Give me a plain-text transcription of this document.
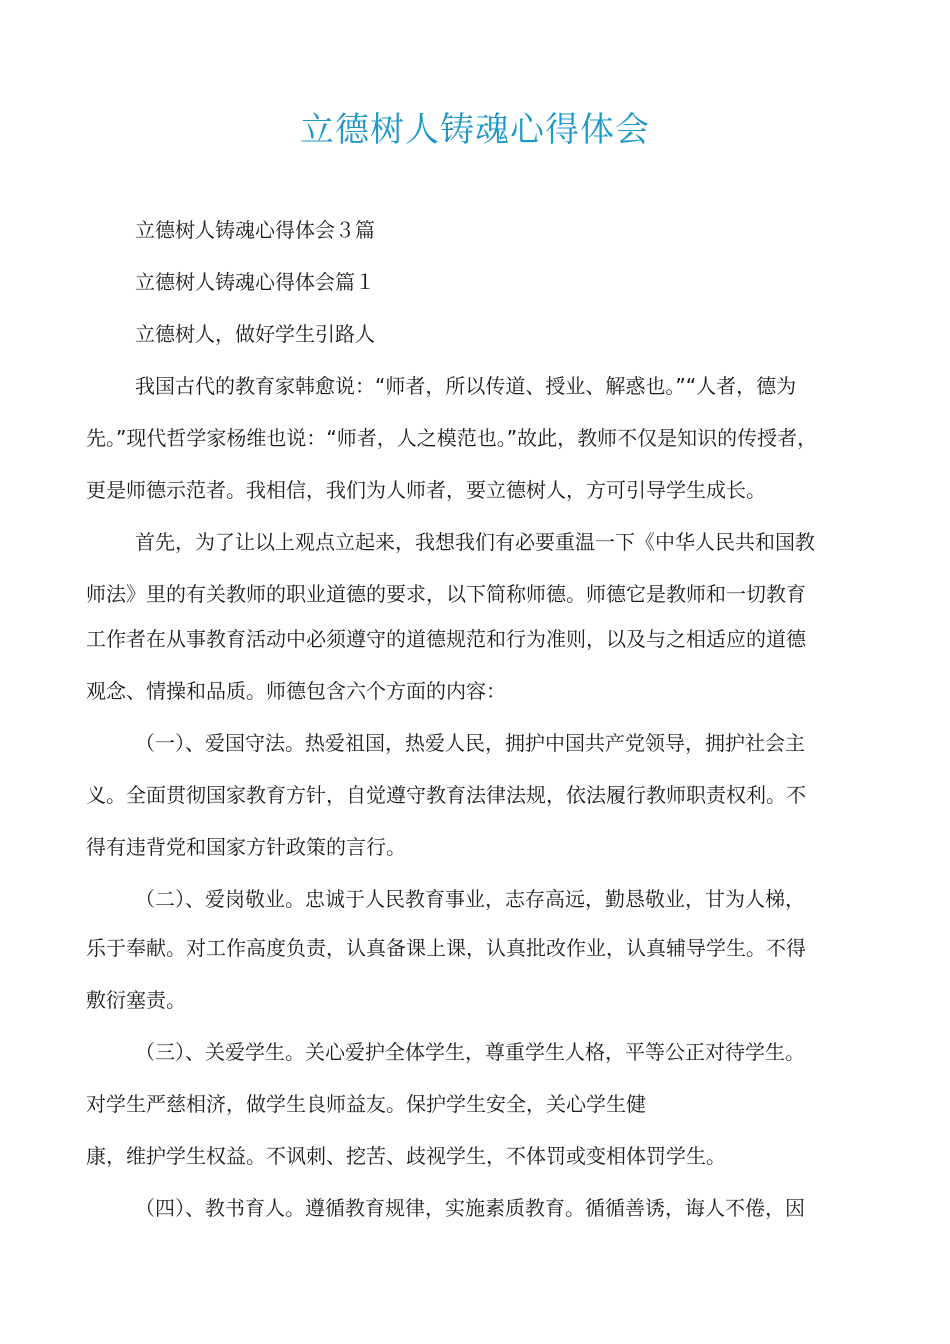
立德树人铸魂心得体会
立德树人铸魂心得体会３篇
立德树人铸魂心得体会篇１
立德树人，做好学生引路人
我国古代的教育家韩愈说：“师者，所以传道、授业、解惑也。”“人者，德为
先。”现代哲学家杨维也说：“师者，人之模范也。”故此，教师不仅是知识的传授者，
更是师德示范者。我相信，我们为人师者，要立德树人，方可引导学生成长。
首先，为了让以上观点立起来，我想我们有必要重温一下《中华人民共和国教
师法》里的有关教师的职业道德的要求，以下简称师德。师德它是教师和一切教育
工作者在从事教育活动中必须遵守的道德规范和行为准则，以及与之相适应的道德
观念、情操和品质。师德包含六个方面的内容：
（一）、爱国守法。热爱祖国，热爱人民，拥护中国共产党领导，拥护社会主
义。全面贯彻国家教育方针，自觉遵守教育法律法规，依法履行教师职责权利。不
得有违背党和国家方针政策的言行。
（二）、爱岗敬业。忠诚于人民教育事业，志存高远，勤恳敬业，甘为人梯，
乐于奉献。对工作高度负责，认真备课上课，认真批改作业，认真辅导学生。不得
敷衍塞责。
（三）、关爱学生。关心爱护全体学生，尊重学生人格，平等公正对待学生。
对学生严慈相济，做学生良师益友。保护学生安全，关心学生健
康，维护学生权益。不讽刺、挖苦、歧视学生，不体罚或变相体罚学生。
（四）、教书育人。遵循教育规律，实施素质教育。循循善诱，诲人不倦，因
